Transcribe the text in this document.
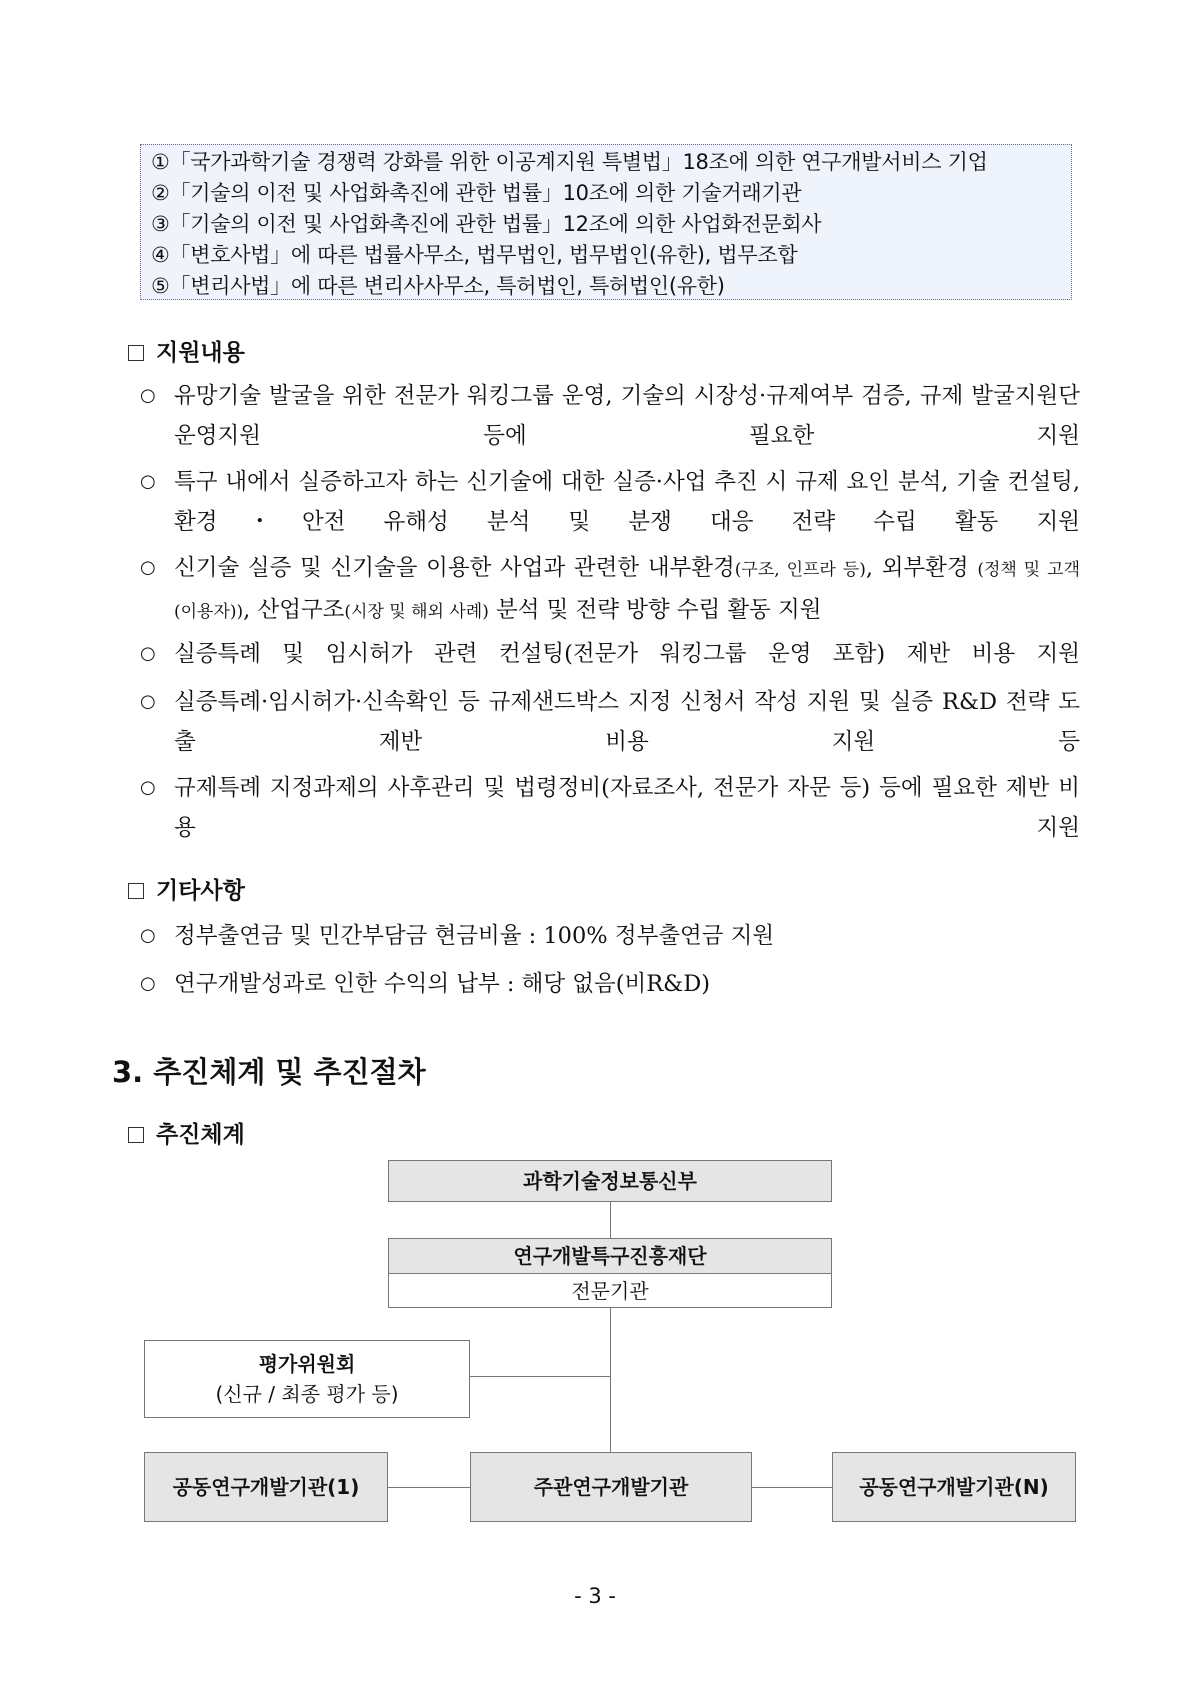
①「국가과학기술 경쟁력 강화를 위한 이공계지원 특별법」18조에 의한 연구개발서비스 기업
②「기술의 이전 및 사업화촉진에 관한 법률」10조에 의한 기술거래기관
③「기술의 이전 및 사업화촉진에 관한 법률」12조에 의한 사업화전문회사
④「변호사법」에 따른 법률사무소, 법무법인, 법무법인(유한), 법무조합
⑤「변리사법」에 따른 변리사사무소, 특허법인, 특허법인(유한)
지원내용
○ 유망기술 발굴을 위한 전문가 워킹그룹 운영, 기술의 시장성·규제여부 검증, 규제 발굴지원단 운영지원 등에 필요한 지원
○ 특구 내에서 실증하고자 하는 신기술에 대한 실증·사업 추진 시 규제 요인 분석, 기술 컨설팅, 환경・안전 유해성 분석 및 분쟁 대응 전략 수립 활동 지원
○ 신기술 실증 및 신기술을 이용한 사업과 관련한 내부환경(구조, 인프라 등), 외부환경 (정책 및 고객(이용자)), 산업구조(시장 및 해외 사례) 분석 및 전략 방향 수립 활동 지원
○ 실증특례 및 임시허가 관련 컨설팅(전문가 워킹그룹 운영 포함) 제반 비용 지원
○ 실증특례·임시허가·신속확인 등 규제샌드박스 지정 신청서 작성 지원 및 실증 R&D 전략 도출 제반 비용 지원 등
○ 규제특례 지정과제의 사후관리 및 법령정비(자료조사, 전문가 자문 등) 등에 필요한 제반 비용 지원
기타사항
○ 정부출연금 및 민간부담금 현금비율 : 100% 정부출연금 지원
○ 연구개발성과로 인한 수익의 납부 : 해당 없음(비R&D)
3. 추진체계 및 추진절차
추진체계
과학기술정보통신부
연구개발특구진흥재단
전문기관
평가위원회
(신규 / 최종 평가 등)
공동연구개발기관(1)	주관연구개발기관	공동연구개발기관(N)
- 3 -
